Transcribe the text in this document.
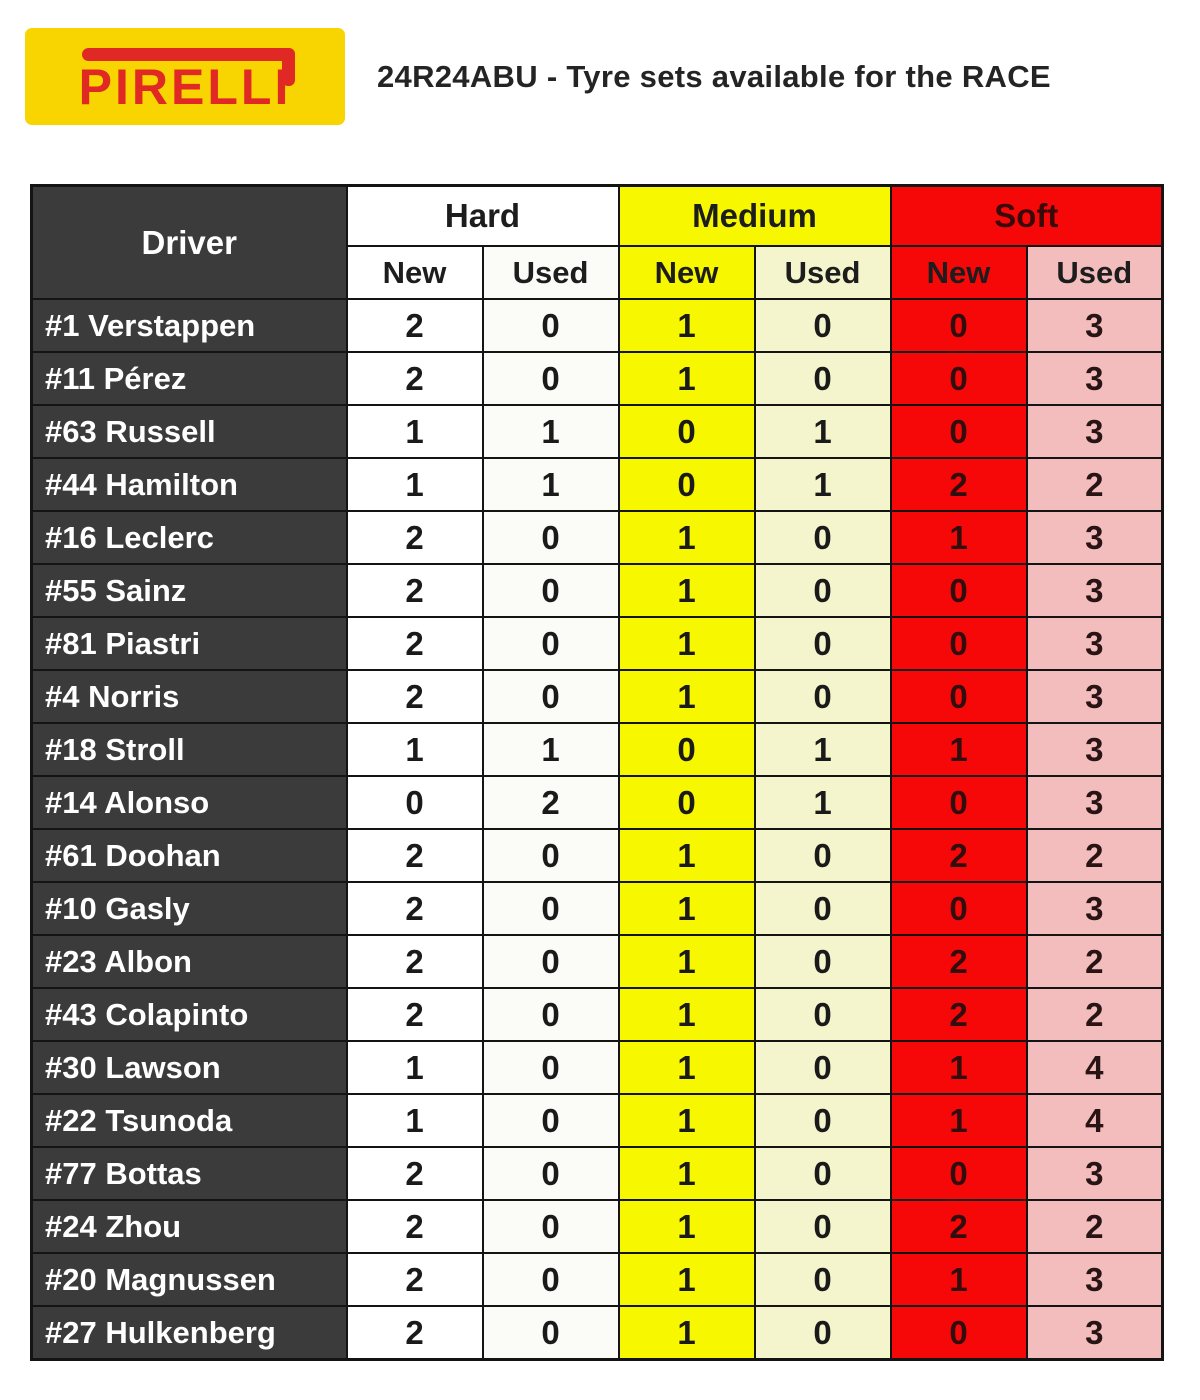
PIRELLI	24R24ABU - Tyre sets available for the RACE
Driver	Hard		Medium		Soft	
	New	Used	New	Used	New	Used
#1 Verstappen	2	0	1	0	0	3
#11 Pérez	2	0	1	0	0	3
#63 Russell	1	1	0	1	0	3
#44 Hamilton	1	1	0	1	2	2
#16 Leclerc	2	0	1	0	1	3
#55 Sainz	2	0	1	0	0	3
#81 Piastri	2	0	1	0	0	3
#4 Norris	2	0	1	0	0	3
#18 Stroll	1	1	0	1	1	3
#14 Alonso	0	2	0	1	0	3
#61 Doohan	2	0	1	0	2	2
#10 Gasly	2	0	1	0	0	3
#23 Albon	2	0	1	0	2	2
#43 Colapinto	2	0	1	0	2	2
#30 Lawson	1	0	1	0	1	4
#22 Tsunoda	1	0	1	0	1	4
#77 Bottas	2	0	1	0	0	3
#24 Zhou	2	0	1	0	2	2
#20 Magnussen	2	0	1	0	1	3
#27 Hulkenberg	2	0	1	0	0	3
